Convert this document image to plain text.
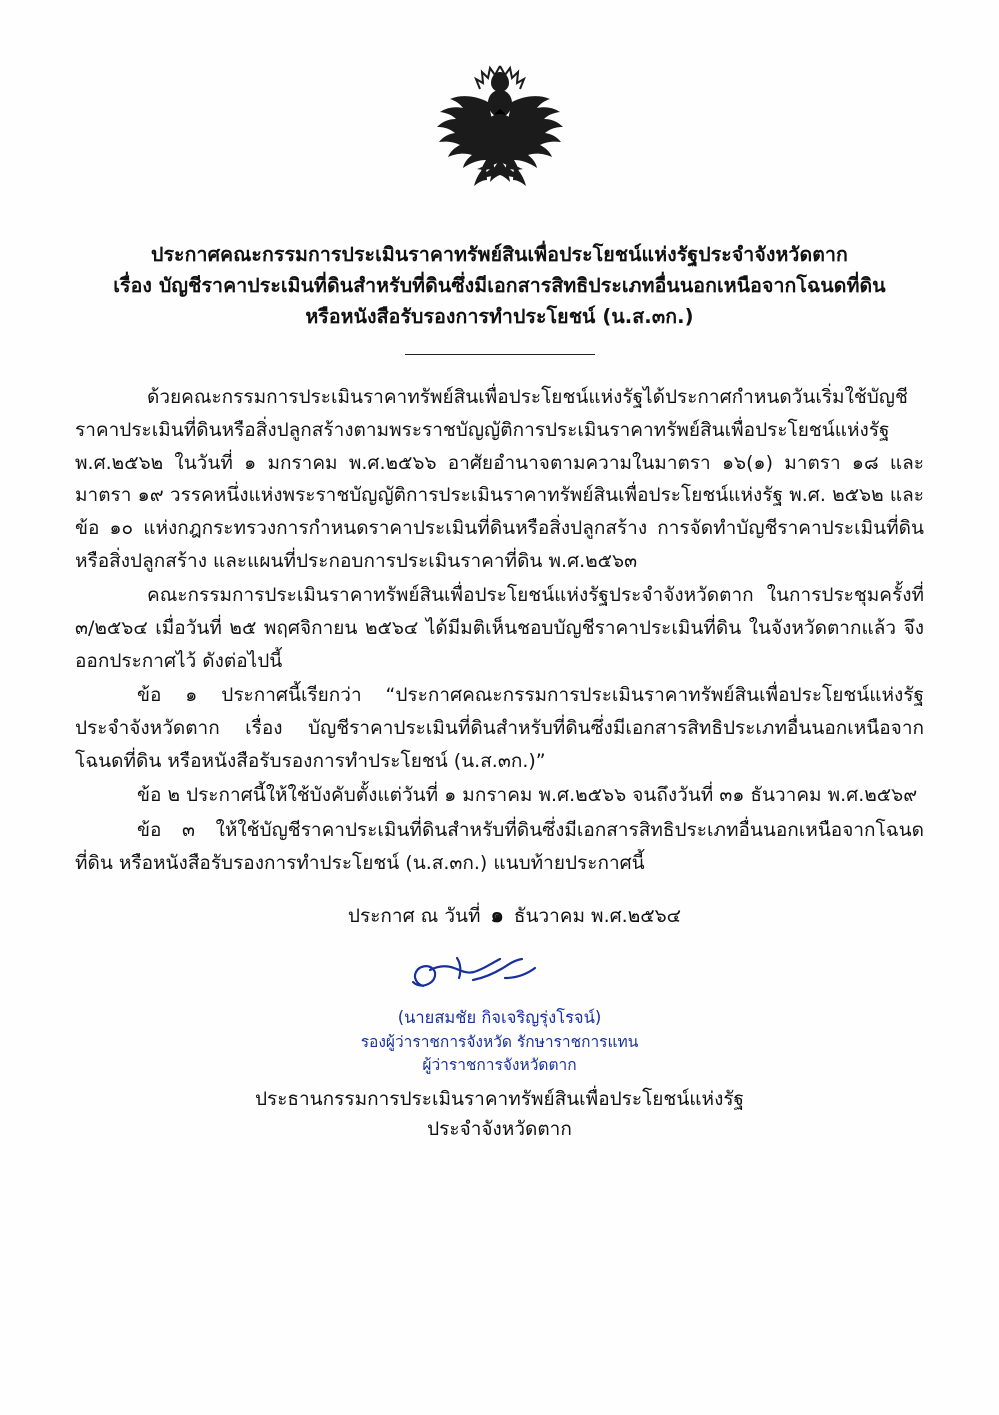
ประกาศคณะกรรมการประเมินราคาทรัพย์สินเพื่อประโยชน์แห่งรัฐประจำจังหวัดตาก
เรื่อง บัญชีราคาประเมินที่ดินสำหรับที่ดินซึ่งมีเอกสารสิทธิประเภทอื่นนอกเหนือจากโฉนดที่ดิน
หรือหนังสือรับรองการทำประโยชน์ (น.ส.๓ก.)

ด้วยคณะกรรมการประเมินราคาทรัพย์สินเพื่อประโยชน์แห่งรัฐได้ประกาศกำหนดวันเริ่มใช้บัญชีราคาประเมินที่ดินหรือสิ่งปลูกสร้างตามพระราชบัญญัติการประเมินราคาทรัพย์สินเพื่อประโยชน์แห่งรัฐ พ.ศ.๒๕๖๒ ในวันที่ ๑ มกราคม พ.ศ.๒๕๖๖ อาศัยอำนาจตามความในมาตรา ๑๖(๑) มาตรา ๑๘ และมาตรา ๑๙ วรรคหนึ่งแห่งพระราชบัญญัติการประเมินราคาทรัพย์สินเพื่อประโยชน์แห่งรัฐ พ.ศ. ๒๕๖๒ และข้อ ๑๐ แห่งกฎกระทรวงการกำหนดราคาประเมินที่ดินหรือสิ่งปลูกสร้าง การจัดทำบัญชีราคาประเมินที่ดินหรือสิ่งปลูกสร้าง และแผนที่ประกอบการประเมินราคาที่ดิน พ.ศ.๒๕๖๓

คณะกรรมการประเมินราคาทรัพย์สินเพื่อประโยชน์แห่งรัฐประจำจังหวัดตาก ในการประชุมครั้งที่ ๓/๒๕๖๔ เมื่อวันที่ ๒๕ พฤศจิกายน ๒๕๖๔ ได้มีมติเห็นชอบบัญชีราคาประเมินที่ดิน ในจังหวัดตากแล้ว จึงออกประกาศไว้ ดังต่อไปนี้

ข้อ ๑ ประกาศนี้เรียกว่า “ประกาศคณะกรรมการประเมินราคาทรัพย์สินเพื่อประโยชน์แห่งรัฐประจำจังหวัดตาก เรื่อง บัญชีราคาประเมินที่ดินสำหรับที่ดินซึ่งมีเอกสารสิทธิประเภทอื่นนอกเหนือจากโฉนดที่ดิน หรือหนังสือรับรองการทำประโยชน์ (น.ส.๓ก.)”

ข้อ ๒ ประกาศนี้ให้ใช้บังคับตั้งแต่วันที่ ๑ มกราคม พ.ศ.๒๕๖๖ จนถึงวันที่ ๓๑ ธันวาคม พ.ศ.๒๕๖๙

ข้อ ๓ ให้ใช้บัญชีราคาประเมินที่ดินสำหรับที่ดินซึ่งมีเอกสารสิทธิประเภทอื่นนอกเหนือจากโฉนดที่ดิน หรือหนังสือรับรองการทำประโยชน์ (น.ส.๓ก.) แนบท้ายประกาศนี้

ประกาศ ณ วันที่ ๑ ธันวาคม พ.ศ.๒๕๖๔
(นายสมชัย กิจเจริญรุ่งโรจน์)
รองผู้ว่าราชการจังหวัด รักษาราชการแทน
ผู้ว่าราชการจังหวัดตาก
ประธานกรรมการประเมินราคาทรัพย์สินเพื่อประโยชน์แห่งรัฐ
ประจำจังหวัดตาก
